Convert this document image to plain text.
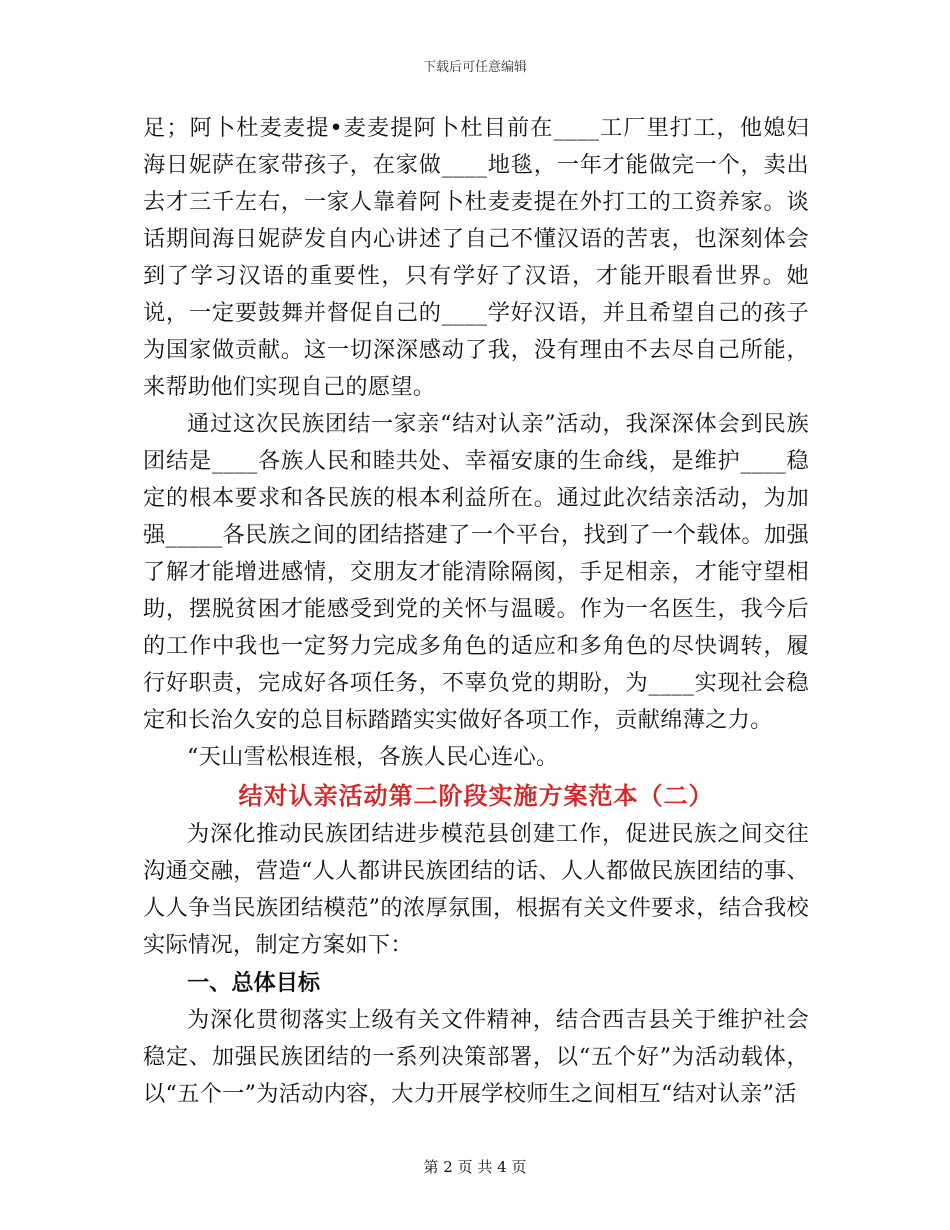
下载后可任意编辑

足；阿卜杜麦麦提•麦麦提阿卜杜目前在____工厂里打工，他媳妇海日妮萨在家带孩子，在家做____地毯，一年才能做完一个，卖出去才三千左右，一家人靠着阿卜杜麦麦提在外打工的工资养家。谈话期间海日妮萨发自内心讲述了自己不懂汉语的苦衷，也深刻体会到了学习汉语的重要性，只有学好了汉语，才能开眼看世界。她说，一定要鼓舞并督促自己的____学好汉语，并且希望自己的孩子为国家做贡献。这一切深深感动了我，没有理由不去尽自己所能，来帮助他们实现自己的愿望。

通过这次民族团结一家亲“结对认亲”活动，我深深体会到民族团结是____各族人民和睦共处、幸福安康的生命线，是维护____稳定的根本要求和各民族的根本利益所在。通过此次结亲活动，为加强_____各民族之间的团结搭建了一个平台，找到了一个载体。加强了解才能增进感情，交朋友才能清除隔阂，手足相亲，才能守望相助，摆脱贫困才能感受到党的关怀与温暖。作为一名医生，我今后的工作中我也一定努力完成多角色的适应和多角色的尽快调转，履行好职责，完成好各项任务，不辜负党的期盼，为____实现社会稳定和长治久安的总目标踏踏实实做好各项工作，贡献绵薄之力。

“天山雪松根连根，各族人民心连心。

结对认亲活动第二阶段实施方案范本（二）

为深化推动民族团结进步模范县创建工作，促进民族之间交往沟通交融，营造“人人都讲民族团结的话、人人都做民族团结的事、人人争当民族团结模范”的浓厚氛围，根据有关文件要求，结合我校实际情况，制定方案如下：

一、总体目标

为深化贯彻落实上级有关文件精神，结合西吉县关于维护社会稳定、加强民族团结的一系列决策部署，以“五个好”为活动载体，以“五个一”为活动内容，大力开展学校师生之间相互“结对认亲”活

第 2 页 共 4 页
